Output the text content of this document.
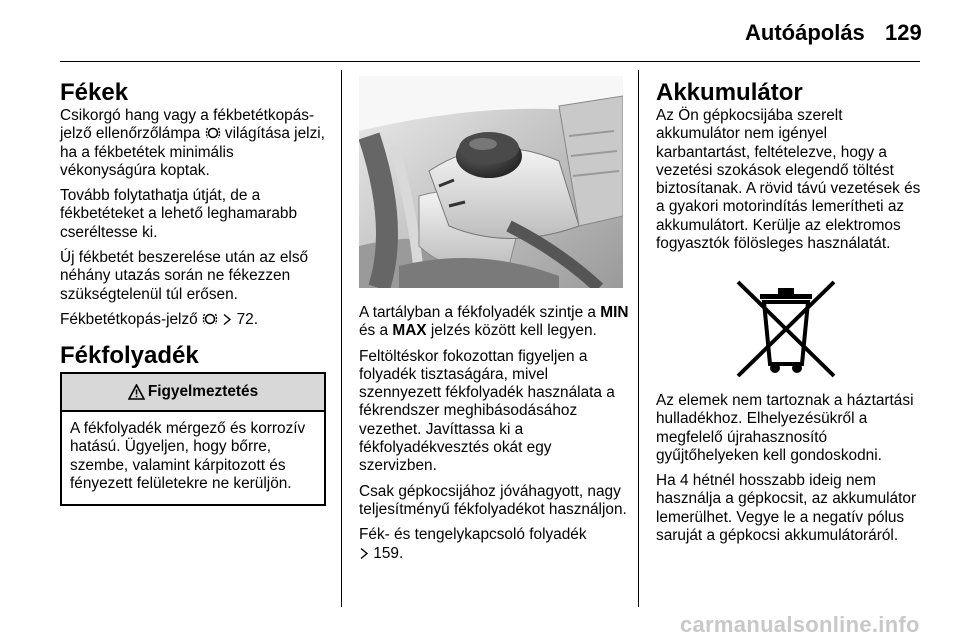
Autóápolás 129
Fékek

Csikorgó hang vagy a fékbetétkopás-jelző ellenőrzőlámpa világítása jelzi, ha a fékbetétek minimális vékonyságúra koptak.

Tovább folytathatja útját, de a fékbetéteket a lehető leghamarabb cseréltesse ki.

Új fékbetét beszerelése után az első néhány utazás során ne fékezzen szükségtelenül túl erősen.

Fékbetétkopás-jelző	72.

Fékfolyadék
Figyelmeztetés
A fékfolyadék mérgező és korrozív hatású. Ügyeljen, hogy bőrre, szembe, valamint kárpitozott és fényezett felületekre ne kerüljön.

A tartályban a fékfolyadék szintje a MIN és a MAX jelzés között kell legyen.

Feltöltéskor fokozottan figyeljen a folyadék tisztaságára, mivel szennyezett fékfolyadék használata a fékrendszer meghibásodásához vezethet. Javíttassa ki a fékfolyadékvesztés okát egy szervizben.

Csak gépkocsijához jóváhagyott, nagy teljesítményű fékfolyadékot használjon.

Fék- és tengelykapcsoló folyadék
159.

Akkumulátor

Az Ön gépkocsijába szerelt akkumulátor nem igényel karbantartást, feltételezve, hogy a vezetési szokások elegendő töltést biztosítanak. A rövid távú vezetések és a gyakori motorindítás lemerítheti az akkumulátort. Kerülje az elektromos fogyasztók fölösleges használatát.

Az elemek nem tartoznak a háztartási hulladékhoz. Elhelyezésükről a megfelelő újrahasznosító gyűjtőhelyeken kell gondoskodni.

Ha 4 hétnél hosszabb ideig nem használja a gépkocsit, az akkumulátor lemerülhet. Vegye le a negatív pólus saruját a gépkocsi akkumulátoráról.

carmanualsonline.info
